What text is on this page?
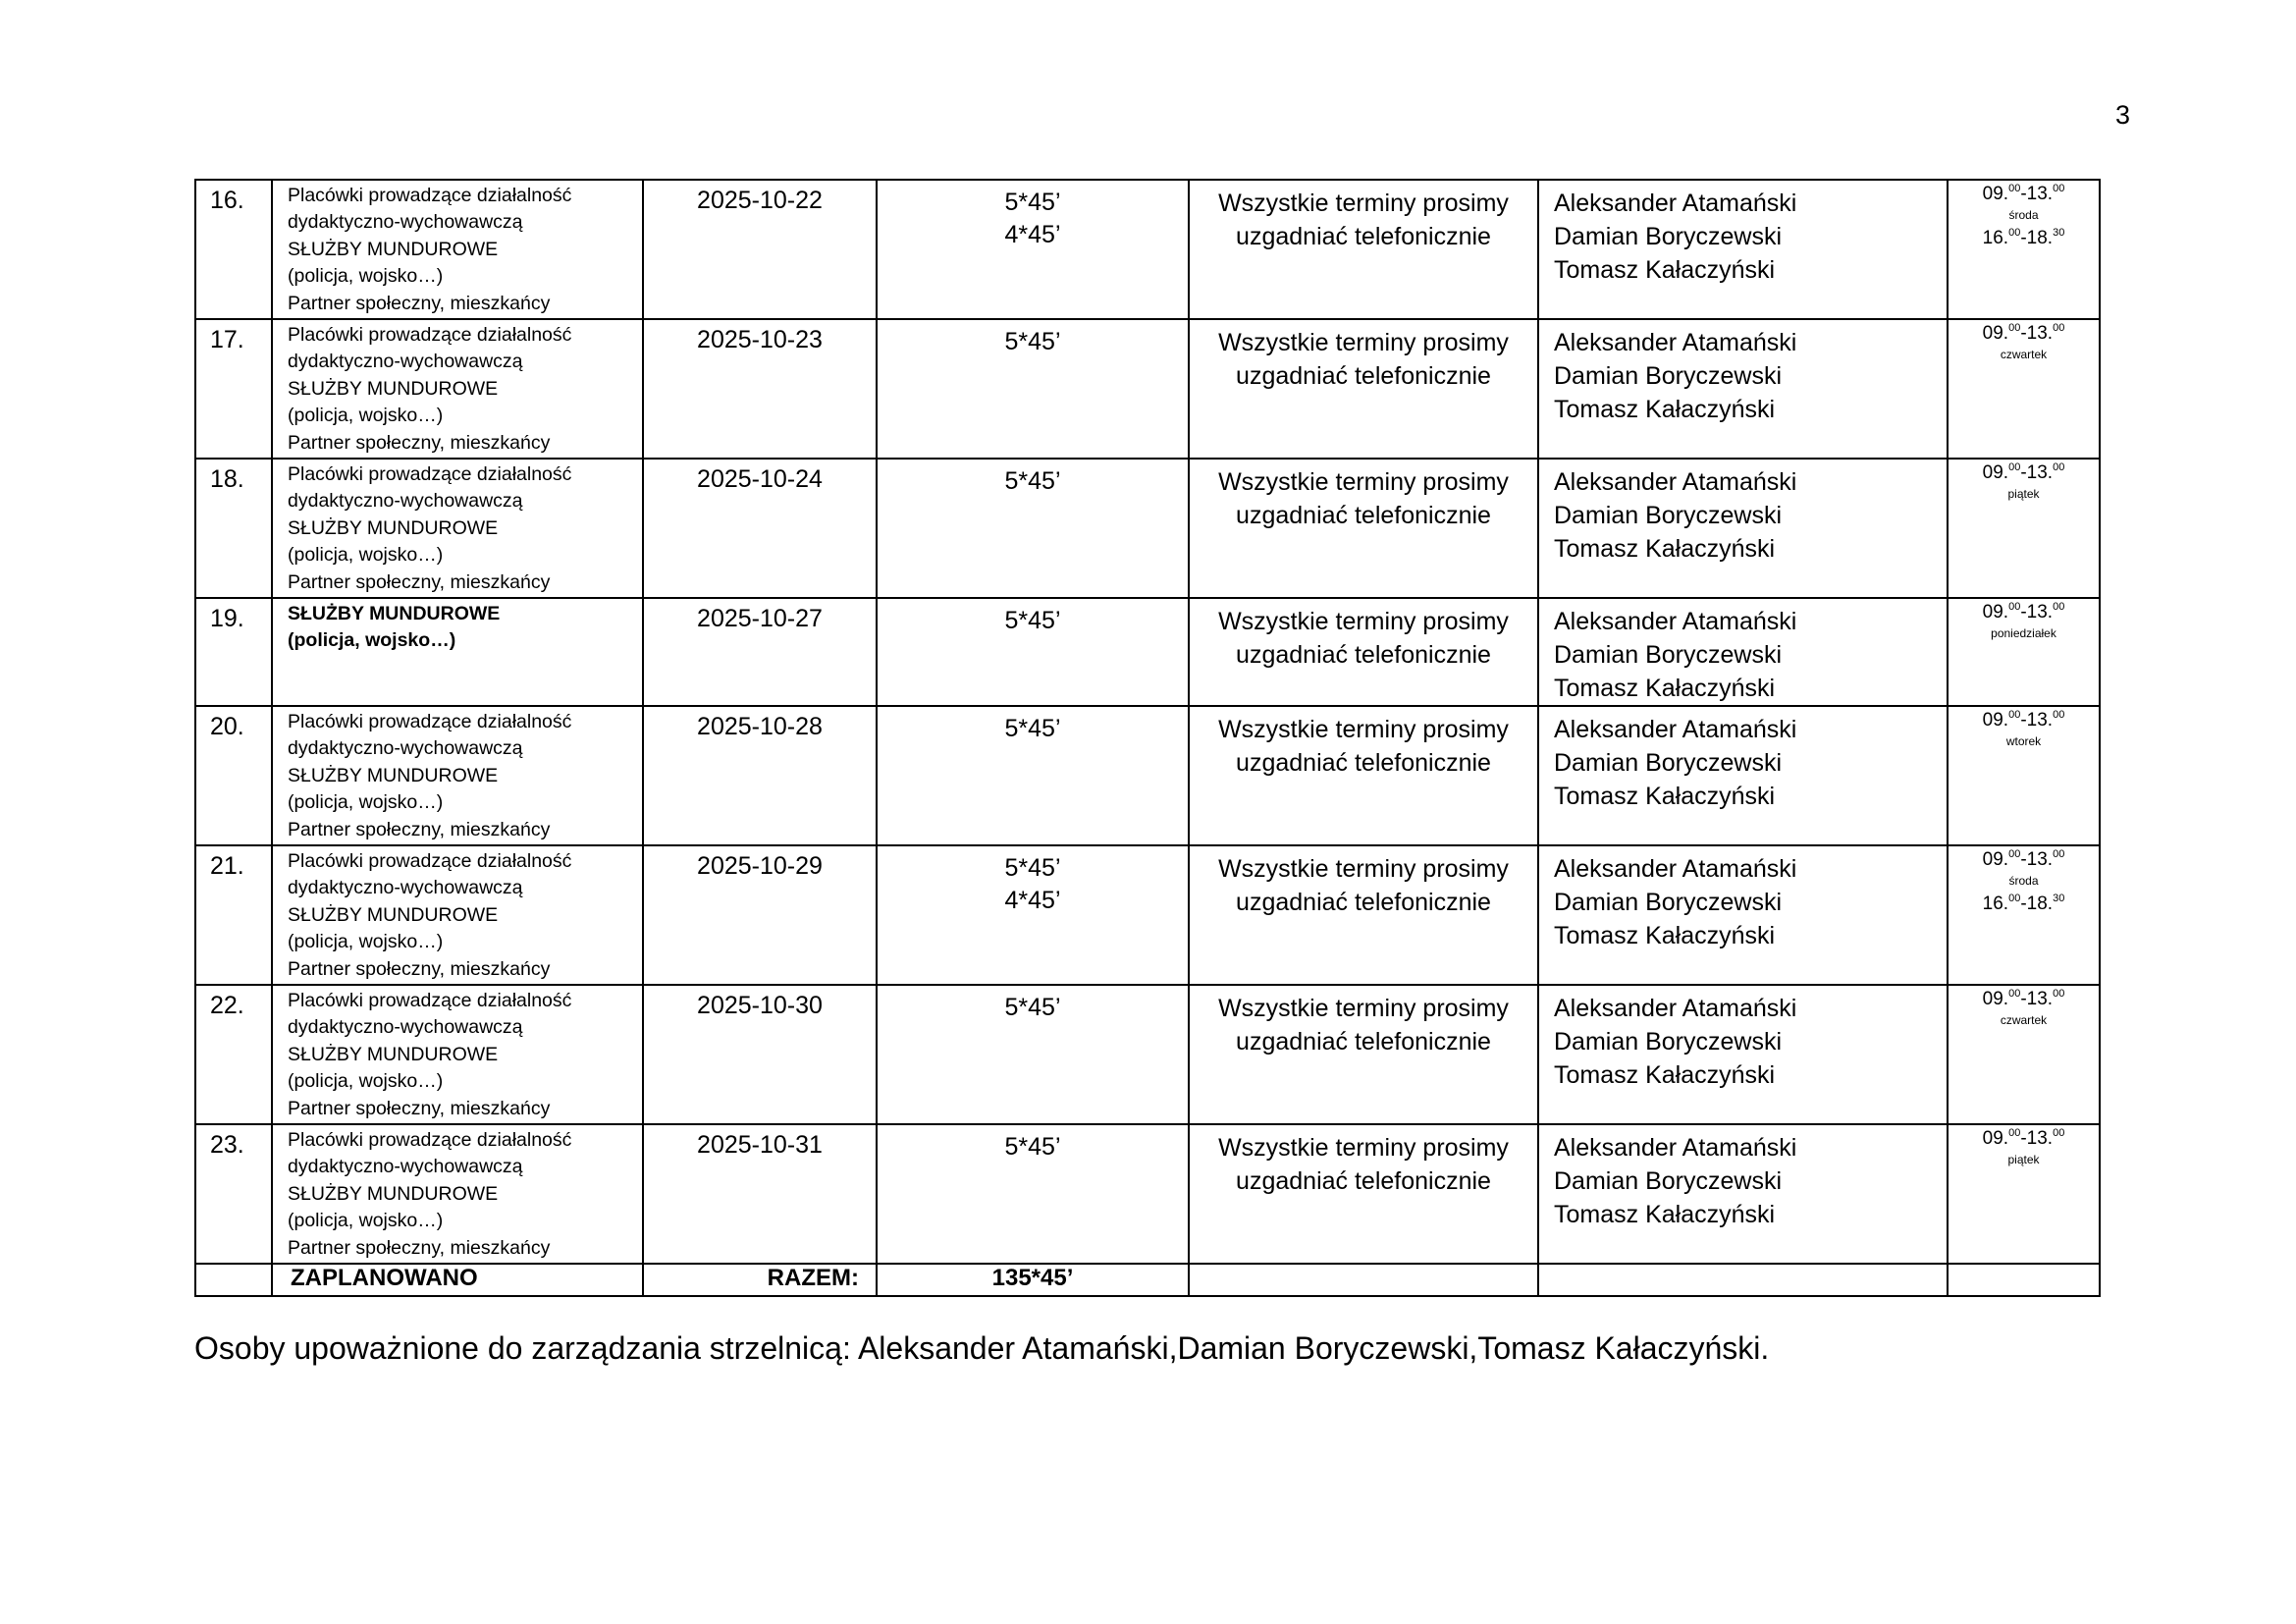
3
16.	Placówki prowadzące działalność
dydaktyczno-wychowawczą
SŁUŻBY MUNDUROWE
(policja, wojsko…)
Partner społeczny, mieszkańcy	2025-10-22	5*45’
4*45’	Wszystkie terminy prosimy
uzgadniać telefonicznie	Aleksander Atamański
Damian Boryczewski
Tomasz Kałaczyński	09.00-13.00
środa
16.00-18.30

17.	Placówki prowadzące działalność
dydaktyczno-wychowawczą
SŁUŻBY MUNDUROWE
(policja, wojsko…)
Partner społeczny, mieszkańcy	2025-10-23	5*45’	Wszystkie terminy prosimy
uzgadniać telefonicznie	Aleksander Atamański
Damian Boryczewski
Tomasz Kałaczyński	09.00-13.00
czwartek

18.	Placówki prowadzące działalność
dydaktyczno-wychowawczą
SŁUŻBY MUNDUROWE
(policja, wojsko…)
Partner społeczny, mieszkańcy	2025-10-24	5*45’	Wszystkie terminy prosimy
uzgadniać telefonicznie	Aleksander Atamański
Damian Boryczewski
Tomasz Kałaczyński	09.00-13.00
piątek

19.	SŁUŻBY MUNDUROWE
(policja, wojsko…)	2025-10-27	5*45’	Wszystkie terminy prosimy
uzgadniać telefonicznie	Aleksander Atamański
Damian Boryczewski
Tomasz Kałaczyński	09.00-13.00
poniedziałek

20.	Placówki prowadzące działalność
dydaktyczno-wychowawczą
SŁUŻBY MUNDUROWE
(policja, wojsko…)
Partner społeczny, mieszkańcy	2025-10-28	5*45’	Wszystkie terminy prosimy
uzgadniać telefonicznie	Aleksander Atamański
Damian Boryczewski
Tomasz Kałaczyński	09.00-13.00
wtorek

21.	Placówki prowadzące działalność
dydaktyczno-wychowawczą
SŁUŻBY MUNDUROWE
(policja, wojsko…)
Partner społeczny, mieszkańcy	2025-10-29	5*45’
4*45’	Wszystkie terminy prosimy
uzgadniać telefonicznie	Aleksander Atamański
Damian Boryczewski
Tomasz Kałaczyński	09.00-13.00
środa
16.00-18.30

22.	Placówki prowadzące działalność
dydaktyczno-wychowawczą
SŁUŻBY MUNDUROWE
(policja, wojsko…)
Partner społeczny, mieszkańcy	2025-10-30	5*45’	Wszystkie terminy prosimy
uzgadniać telefonicznie	Aleksander Atamański
Damian Boryczewski
Tomasz Kałaczyński	09.00-13.00
czwartek

23.	Placówki prowadzące działalność
dydaktyczno-wychowawczą
SŁUŻBY MUNDUROWE
(policja, wojsko…)
Partner społeczny, mieszkańcy	2025-10-31	5*45’	Wszystkie terminy prosimy
uzgadniać telefonicznie	Aleksander Atamański
Damian Boryczewski
Tomasz Kałaczyński	09.00-13.00
piątek

	ZAPLANOWANO	RAZEM:	135*45’			
Osoby upoważnione do zarządzania strzelnicą: Aleksander Atamański,Damian Boryczewski,Tomasz Kałaczyński.
